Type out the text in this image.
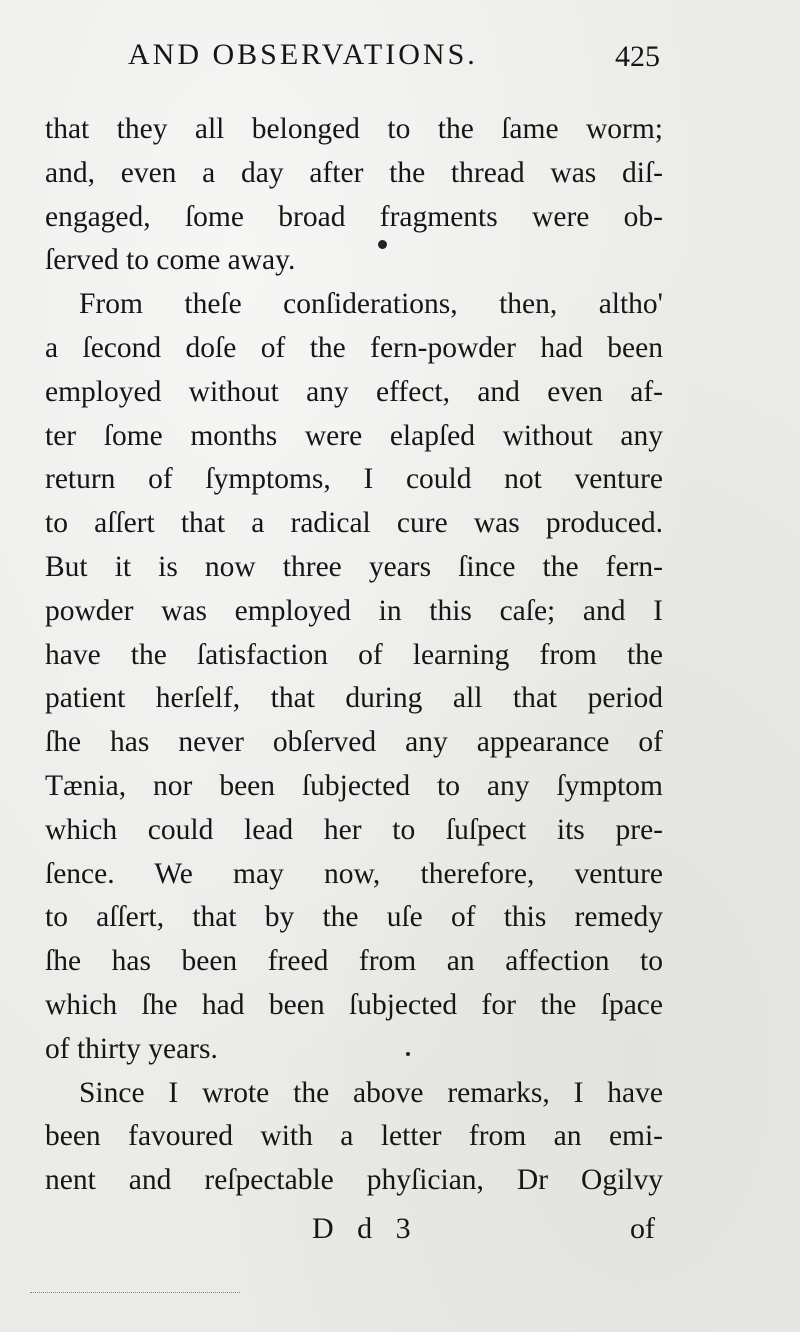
AND OBSERVATIONS.	425
that they all belonged to the ſame worm;
and, even a day after the thread was diſ-
engaged, ſome broad fragments were ob-
ſerved to come away.
From theſe conſiderations, then, altho'
a ſecond doſe of the fern-powder had been
employed without any effect, and even af-
ter ſome months were elapſed without any
return of ſymptoms, I could not venture
to aſſert that a radical cure was produced.
But it is now three years ſince the fern-
powder was employed in this caſe; and I
have the ſatisfaction of learning from the
patient herſelf, that during all that period
ſhe has never obſerved any appearance of
Tænia, nor been ſubjected to any ſymptom
which could lead her to ſuſpect its pre-
ſence. We may now, therefore, venture
to aſſert, that by the uſe of this remedy
ſhe has been freed from an affection to
which ſhe had been ſubjected for the ſpace
of thirty years.
Since I wrote the above remarks, I have
been favoured with a letter from an emi-
nent and reſpectable phyſician, Dr Ogilvy
D d 3	of
